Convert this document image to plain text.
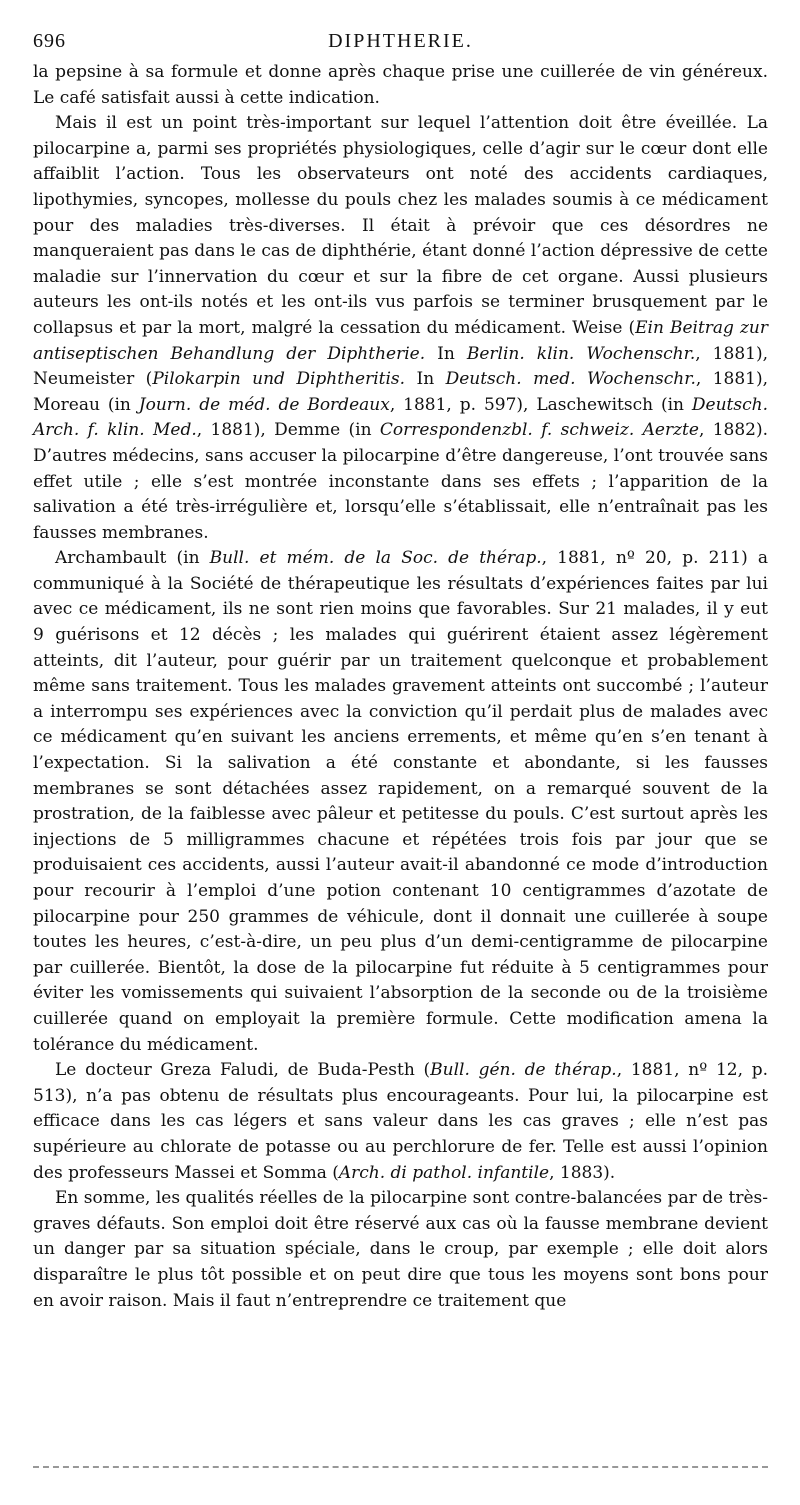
696	DIPHTHERIE.

la pepsine à sa formule et donne après chaque prise une cuillerée de vin généreux. Le café satisfait aussi à cette indication.

Mais il est un point très-important sur lequel l’attention doit être éveillée. La pilocarpine a, parmi ses propriétés physiologiques, celle d’agir sur le cœur dont elle affaiblit l’action. Tous les observateurs ont noté des accidents cardiaques, lipothymies, syncopes, mollesse du pouls chez les malades soumis à ce médicament pour des maladies très-diverses. Il était à prévoir que ces désordres ne manqueraient pas dans le cas de diphthérie, étant donné l’action dépressive de cette maladie sur l’innervation du cœur et sur la fibre de cet organe. Aussi plusieurs auteurs les ont-ils notés et les ont-ils vus parfois se terminer brusquement par le collapsus et par la mort, malgré la cessation du médicament. Weise (Ein Beitrag zur antiseptischen Behandlung der Diphtherie. In Berlin. klin. Wochenschr., 1881), Neumeister (Pilokarpin und Diphtheritis. In Deutsch. med. Wochenschr., 1881), Moreau (in Journ. de méd. de Bordeaux, 1881, p. 597), Laschewitsch (in Deutsch. Arch. f. klin. Med., 1881), Demme (in Correspondenzbl. f. schweiz. Aerzte, 1882). D’autres médecins, sans accuser la pilocarpine d’être dangereuse, l’ont trouvée sans effet utile ; elle s’est montrée inconstante dans ses effets ; l’apparition de la salivation a été très-irrégulière et, lorsqu’elle s’établissait, elle n’entraînait pas les fausses membranes.

Archambault (in Bull. et mém. de la Soc. de thérap., 1881, nº 20, p. 211) a communiqué à la Société de thérapeutique les résultats d’expériences faites par lui avec ce médicament, ils ne sont rien moins que favorables. Sur 21 malades, il y eut 9 guérisons et 12 décès ; les malades qui guérirent étaient assez légèrement atteints, dit l’auteur, pour guérir par un traitement quelconque et probablement même sans traitement. Tous les malades gravement atteints ont succombé ; l’auteur a interrompu ses expériences avec la conviction qu’il perdait plus de malades avec ce médicament qu’en suivant les anciens errements, et même qu’en s’en tenant à l’expectation. Si la salivation a été constante et abondante, si les fausses membranes se sont détachées assez rapidement, on a remarqué souvent de la prostration, de la faiblesse avec pâleur et petitesse du pouls. C’est surtout après les injections de 5 milligrammes chacune et répétées trois fois par jour que se produisaient ces accidents, aussi l’auteur avait-il abandonné ce mode d’introduction pour recourir à l’emploi d’une potion contenant 10 centigrammes d’azotate de pilocarpine pour 250 grammes de véhicule, dont il donnait une cuillerée à soupe toutes les heures, c’est-à-dire, un peu plus d’un demi-centigramme de pilocarpine par cuillerée. Bientôt, la dose de la pilocarpine fut réduite à 5 centigrammes pour éviter les vomissements qui suivaient l’absorption de la seconde ou de la troisième cuillerée quand on employait la première formule. Cette modification amena la tolérance du médicament.

Le docteur Greza Faludi, de Buda-Pesth (Bull. gén. de thérap., 1881, nº 12, p. 513), n’a pas obtenu de résultats plus encourageants. Pour lui, la pilocarpine est efficace dans les cas légers et sans valeur dans les cas graves ; elle n’est pas supérieure au chlorate de potasse ou au perchlorure de fer. Telle est aussi l’opinion des professeurs Massei et Somma (Arch. di pathol. infantile, 1883).

En somme, les qualités réelles de la pilocarpine sont contre-balancées par de très-graves défauts. Son emploi doit être réservé aux cas où la fausse membrane devient un danger par sa situation spéciale, dans le croup, par exemple ; elle doit alors disparaître le plus tôt possible et on peut dire que tous les moyens sont bons pour en avoir raison. Mais il faut n’entreprendre ce traitement que
